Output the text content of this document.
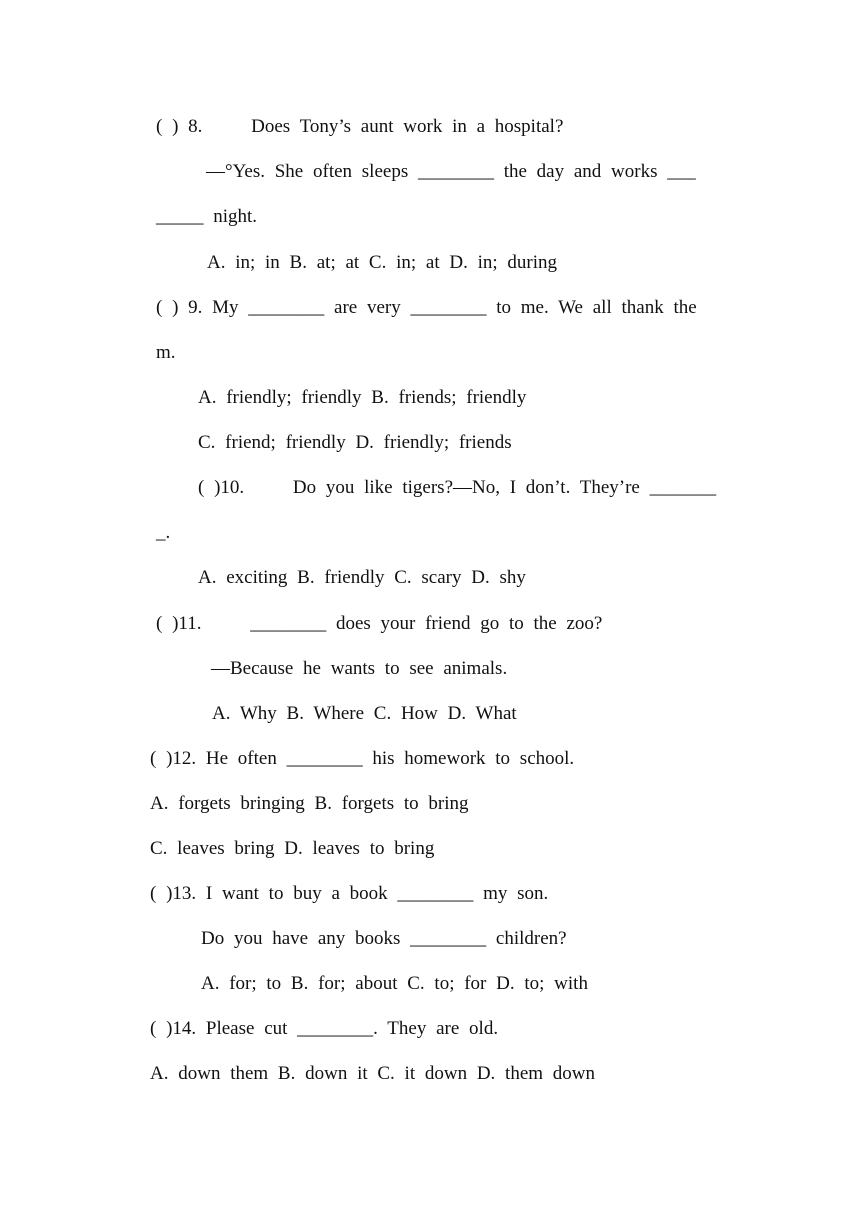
( ) 8.     Does Tony’s aunt work in a hospital?
—°Yes. She often sleeps ________ the day and works ___
_____ night.
A. in; in B. at; at C. in; at D. in; during
( ) 9. My ________ are very ________ to me. We all thank the
m.
A. friendly; friendly B. friends; friendly
C. friend; friendly D. friendly; friends
( )10.     Do you like tigers?—No, I don’t. They’re _______
_.
A. exciting B. friendly C. scary D. shy
( )11.     ________ does your friend go to the zoo?
—Because he wants to see animals.
A. Why B. Where C. How D. What
( )12. He often ________ his homework to school.
A. forgets bringing B. forgets to bring
C. leaves bring D. leaves to bring
( )13. I want to buy a book ________ my son.
Do you have any books ________ children?
A. for; to B. for; about C. to; for D. to; with
( )14. Please cut ________. They are old.
A. down them B. down it C. it down D. them down
